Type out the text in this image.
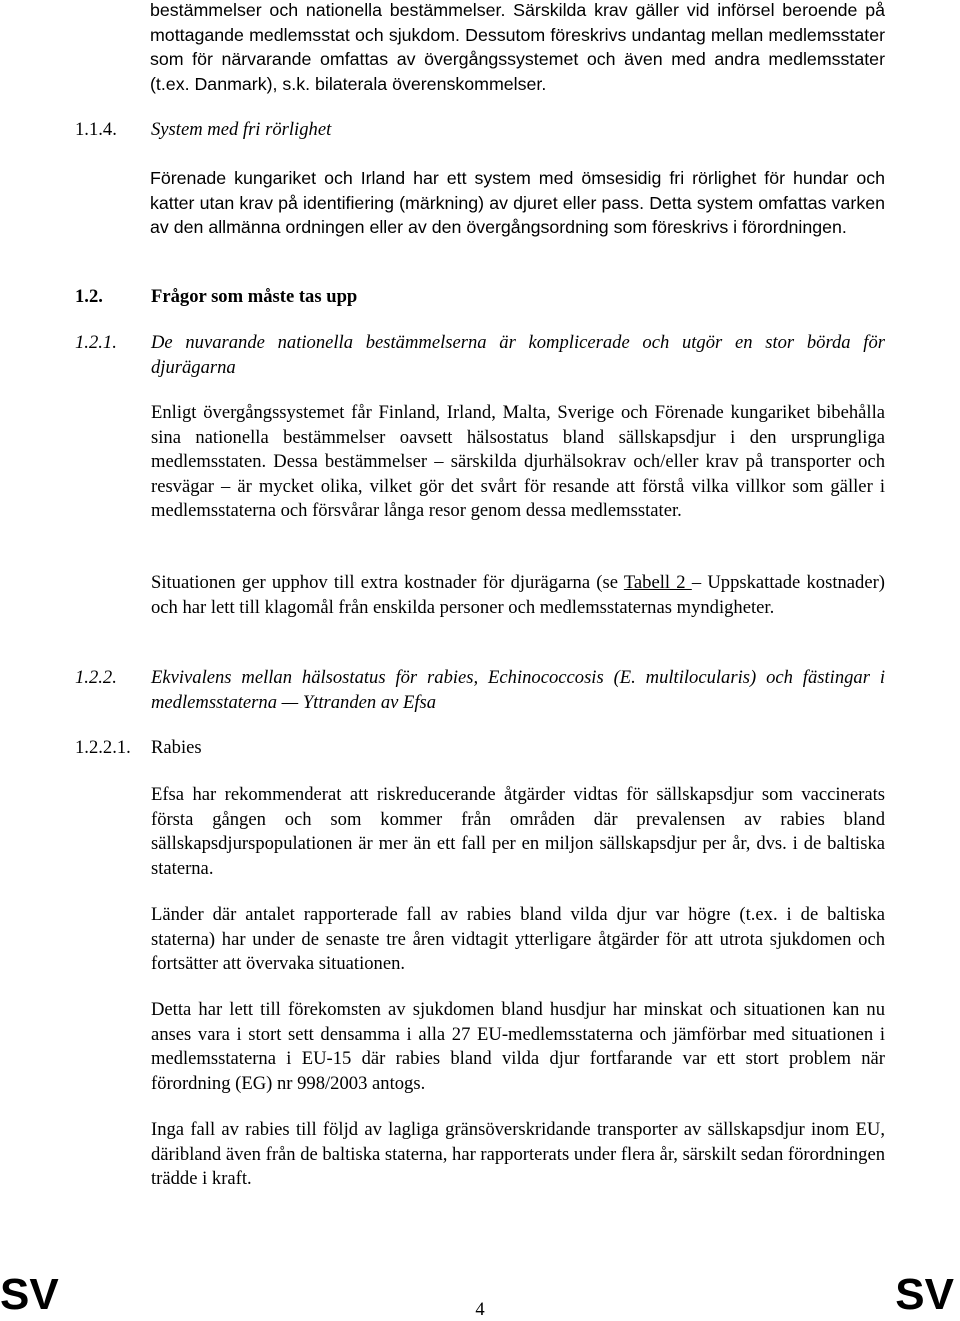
bestämmelser och nationella bestämmelser. Särskilda krav gäller vid införsel beroende på mottagande medlemsstat och sjukdom. Dessutom föreskrivs undantag mellan medlemsstater som för närvarande omfattas av övergångssystemet och även med andra medlemsstater (t.ex. Danmark), s.k. bilaterala överenskommelser.
1.1.4. System med fri rörlighet
Förenade kungariket och Irland har ett system med ömsesidig fri rörlighet för hundar och katter utan krav på identifiering (märkning) av djuret eller pass. Detta system omfattas varken av den allmänna ordningen eller av den övergångsordning som föreskrivs i förordningen.
1.2.	Frågor som måste tas upp
1.2.1. De nuvarande nationella bestämmelserna är komplicerade och utgör en stor börda för djurägarna
Enligt övergångssystemet får Finland, Irland, Malta, Sverige och Förenade kungariket bibehålla sina nationella bestämmelser oavsett hälsostatus bland sällskapsdjur i den ursprungliga medlemsstaten. Dessa bestämmelser – särskilda djurhälsokrav och/eller krav på transporter och resvägar – är mycket olika, vilket gör det svårt för resande att förstå vilka villkor som gäller i medlemsstaterna och försvårar långa resor genom dessa medlemsstater.
Situationen ger upphov till extra kostnader för djurägarna (se Tabell 2 – Uppskattade kostnader) och har lett till klagomål från enskilda personer och medlemsstaternas myndigheter.
1.2.2. Ekvivalens mellan hälsostatus för rabies, Echinococcosis (E. multilocularis) och fästingar i medlemsstaterna — Yttranden av Efsa
1.2.2.1. Rabies
Efsa har rekommenderat att riskreducerande åtgärder vidtas för sällskapsdjur som vaccinerats första gången och som kommer från områden där prevalensen av rabies bland sällskapsdjurspopulationen är mer än ett fall per en miljon sällskapsdjur per år, dvs. i de baltiska staterna.
Länder där antalet rapporterade fall av rabies bland vilda djur var högre (t.ex. i de baltiska staterna) har under de senaste tre åren vidtagit ytterligare åtgärder för att utrota sjukdomen och fortsätter att övervaka situationen.
Detta har lett till förekomsten av sjukdomen bland husdjur har minskat och situationen kan nu anses vara i stort sett densamma i alla 27 EU-medlemsstaterna och jämförbar med situationen i medlemsstaterna i EU-15 där rabies bland vilda djur fortfarande var ett stort problem när förordning (EG) nr 998/2003 antogs.
Inga fall av rabies till följd av lagliga gränsöverskridande transporter av sällskapsdjur inom EU, däribland även från de baltiska staterna, har rapporterats under flera år, särskilt sedan förordningen trädde i kraft.
SV	4	SV
